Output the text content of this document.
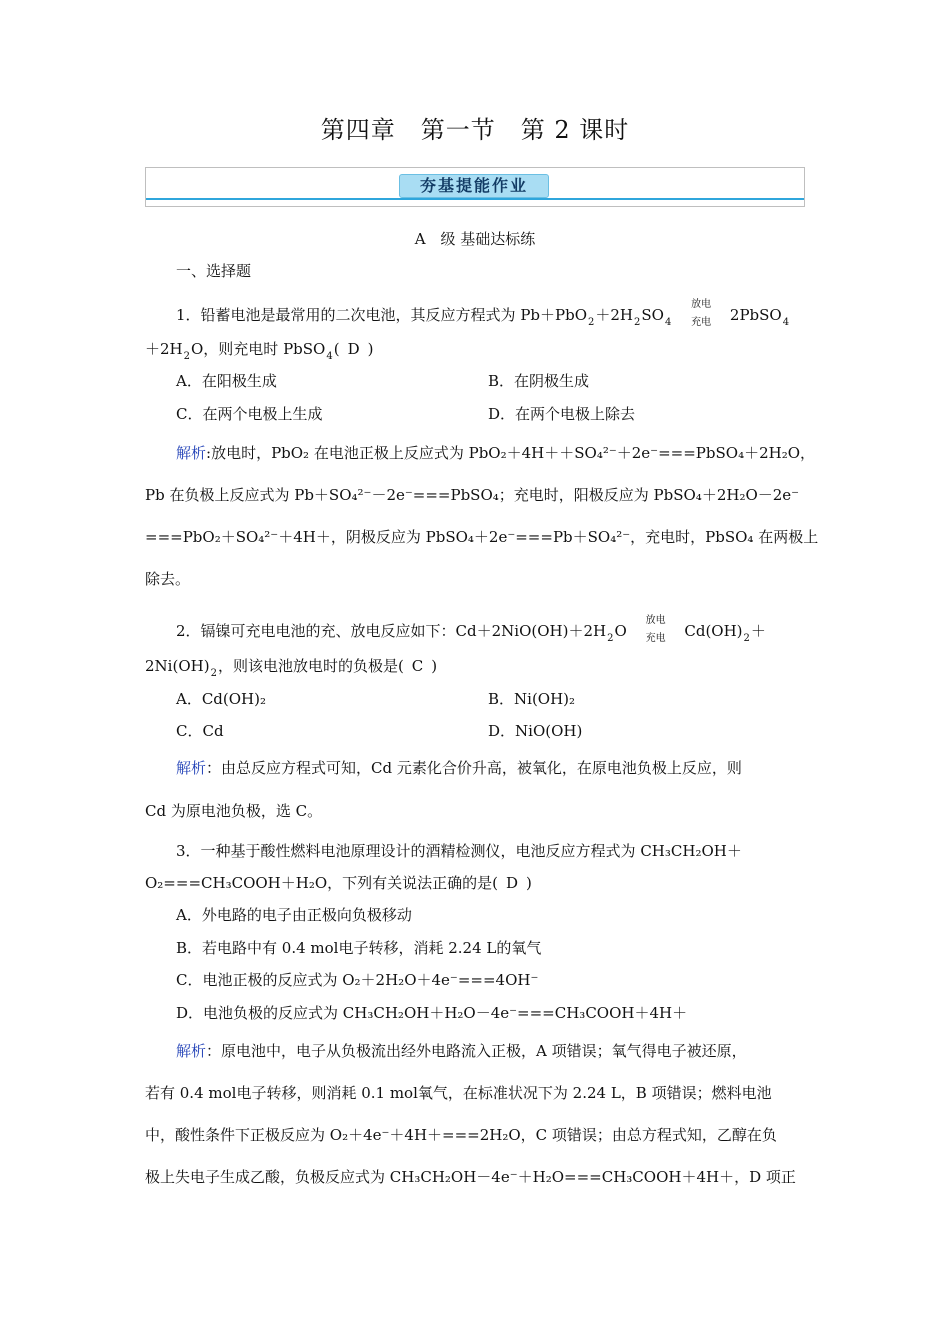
第四章　第一节　第 2 课时
夯基提能作业
A　级 基础达标练
一、选择题
1．铅蓄电池是最常用的二次电池，其反应方程式为 $Pb+PbO_2+2H_2SO_4$ 放电
充电 2PbSO$_4$
$+2H_2O$，则充电时 PbSO$_4$( D )
A．在阳极生成	B．在阴极生成
C．在两个电极上生成	D．在两个电极上除去
解析:放电时，PbO₂ 在电池正极上反应式为 PbO₂＋4H＋＋SO₄²⁻＋2e⁻===PbSO₄＋2H₂O，
Pb 在负极上反应式为 Pb＋SO₄²⁻－2e⁻===PbSO₄；充电时，阳极反应为 PbSO₄＋2H₂O－2e⁻
===PbO₂＋SO₄²⁻＋4H＋，阴极反应为 PbSO₄＋2e⁻===Pb＋SO₄²⁻，充电时，PbSO₄ 在两极上
除去。
2．镉镍可充电电池的充、放电反应如下：$Cd+2NiO(OH)+2H_2O$ 放电
充电 $Cd(OH)_2+$
$2Ni(OH)_2$，则该电池放电时的负极是( C )
A．Cd(OH)₂	B．Ni(OH)₂
C．Cd	D．NiO(OH)
解析：由总反应方程式可知，Cd 元素化合价升高，被氧化，在原电池负极上反应，则
Cd 为原电池负极，选 C。
3．一种基于酸性燃料电池原理设计的酒精检测仪，电池反应方程式为 CH₃CH₂OH＋
O₂===CH₃COOH＋H₂O，下列有关说法正确的是( D )
A．外电路的电子由正极向负极移动
B．若电路中有 0.4 mol电子转移，消耗 2.24 L的氧气
C．电池正极的反应式为 O₂＋2H₂O＋4e⁻===4OH⁻
D．电池负极的反应式为 CH₃CH₂OH＋H₂O－4e⁻===CH₃COOH＋4H＋
解析：原电池中，电子从负极流出经外电路流入正极，A 项错误；氧气得电子被还原，
若有 0.4 mol电子转移，则消耗 0.1 mol氧气，在标准状况下为 2.24 L，B 项错误；燃料电池
中，酸性条件下正极反应为 O₂＋4e⁻＋4H＋===2H₂O，C 项错误；由总方程式知，乙醇在负
极上失电子生成乙酸，负极反应式为 CH₃CH₂OH－4e⁻＋H₂O===CH₃COOH＋4H＋，D 项正
